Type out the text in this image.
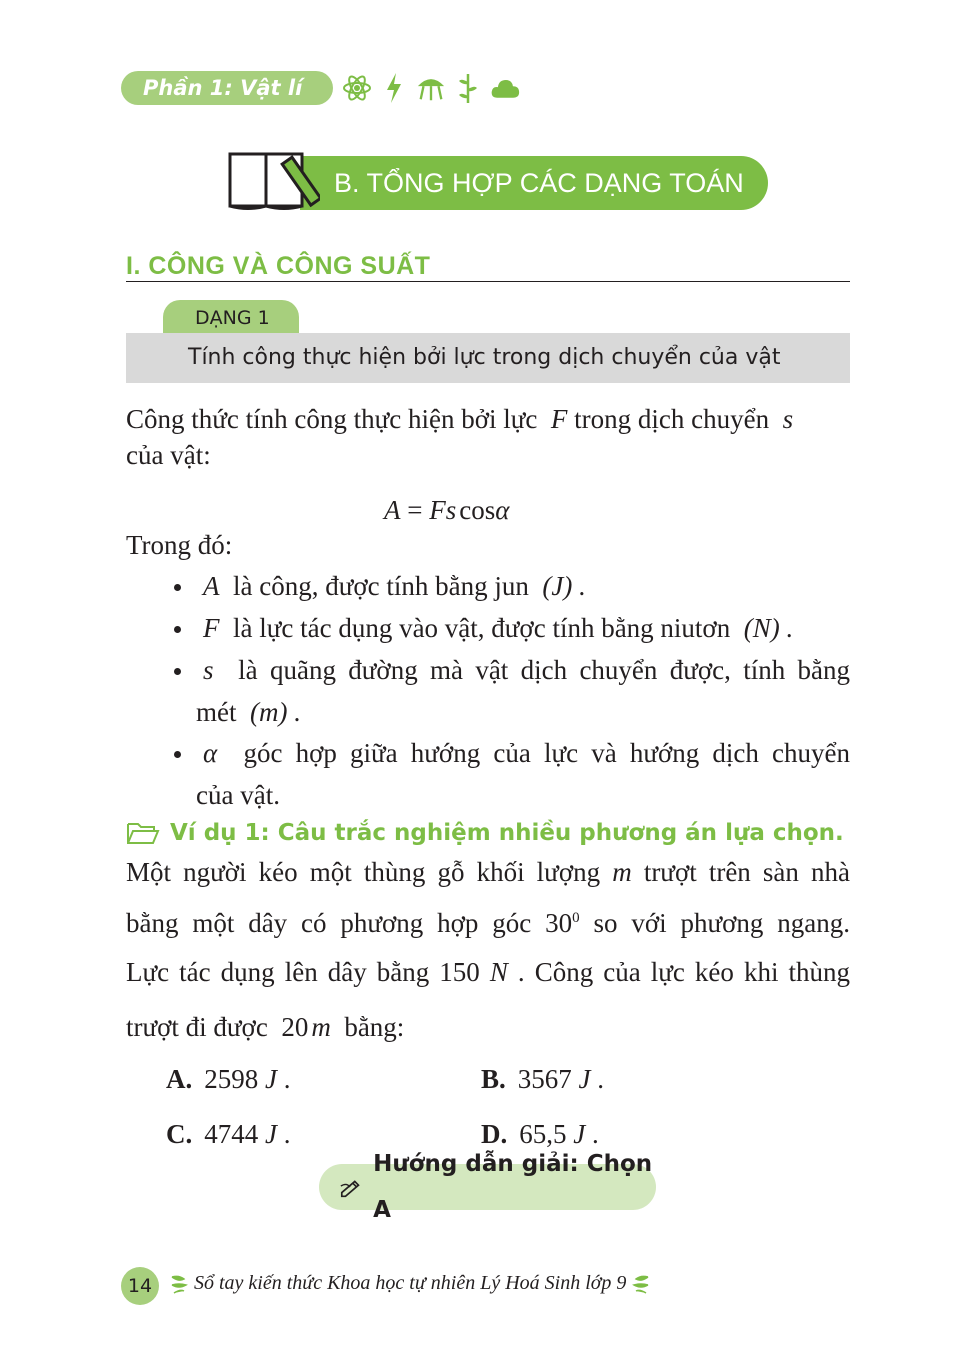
Phần 1: Vật lí
B. TỔNG HỢP CÁC DẠNG TOÁN
I. CÔNG VÀ CÔNG SUẤT
DẠNG 1
Tính công thực hiện bởi lực trong dịch chuyển của vật
Công thức tính công thực hiện bởi lực F trong dịch chuyển s
của vật:
A = Fs cosα
Trong đó:
A là công, được tính bằng jun (J) .
F là lực tác dụng vào vật, được tính bằng niutơn (N) .
s là quãng đường mà vật dịch chuyển được, tính bằng
mét (m) .
α góc hợp giữa hướng của lực và hướng dịch chuyển
của vật.
Ví dụ 1: Câu trắc nghiệm nhiều phương án lựa chọn.
Một người kéo một thùng gỗ khối lượng m trượt trên sàn nhà
bằng một dây có phương hợp góc $30^0$ so với phương ngang.
Lực tác dụng lên dây bằng 150 N . Công của lực kéo khi thùng
trượt đi được 20 m bằng:
A. 2598 J .	B. 3567 J .
C. 4744 J .	D. 65,5 J .
Hướng dẫn giải: Chọn A
14	Sổ tay kiến thức Khoa học tự nhiên Lý Hoá Sinh lớp 9
